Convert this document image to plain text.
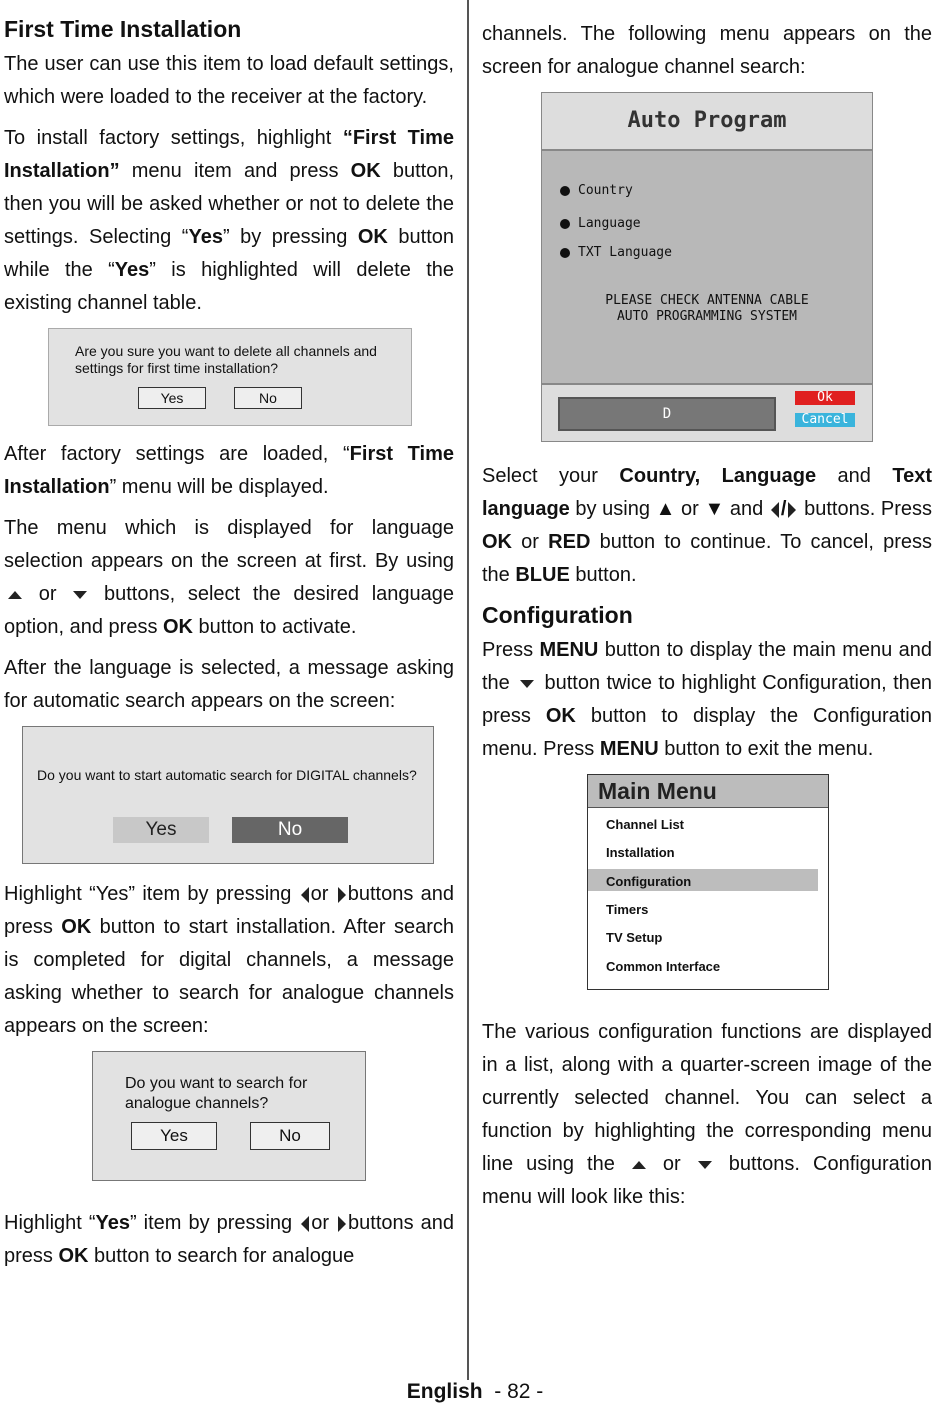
First Time Installation

The user can use this item to load default settings, which were loaded to the receiver at the factory.

To install factory settings, highlight “First Time Installation” menu item and press OK button, then you will be asked whether or not to delete the settings. Selecting “Yes” by pressing OK button while the “Yes” is highlighted will delete the existing channel table.

Are you sure you want to delete all channels and settings for first time installation?
Yes	No

After factory settings are loaded, “First Time Installation” menu will be displayed.

The menu which is displayed for language selection appears on the screen at first. By using  or  buttons, select the desired language option, and press OK button to activate.

After the language is selected, a message asking for automatic search appears on the screen:

Do you want to start automatic search for DIGITAL channels?
Yes	No

Highlight “Yes” item by pressing or buttons and press OK button to start installation. After search is completed for digital channels, a message asking whether to search for analogue channels appears on the screen:

Do you want to search for analogue channels?
Yes	No

Highlight “Yes” item by pressing or buttons and press OK button to search for analogue

channels. The following menu appears on the screen for analogue channel search:

Auto Program
Country
Language
TXT Language
PLEASE CHECK ANTENNA CABLE
AUTO PROGRAMMING SYSTEM
D
Ok
Cancel

Select your Country, Language and Text language by using ▲ or ▼ and / buttons. Press OK or RED button to continue. To cancel, press the BLUE button.

Configuration

Press MENU button to display the main menu and the  button twice to highlight Configuration, then press OK button to display the Configuration menu. Press MENU button to exit the menu.

Main Menu
Channel List
Installation
Configuration
Timers
TV Setup
Common Interface

The various configuration functions are displayed in a list, along with a quarter-screen image of the currently selected channel. You can select a function by highlighting the corresponding menu line using the  or  buttons. Configuration menu will look like this:

English - 82 -
